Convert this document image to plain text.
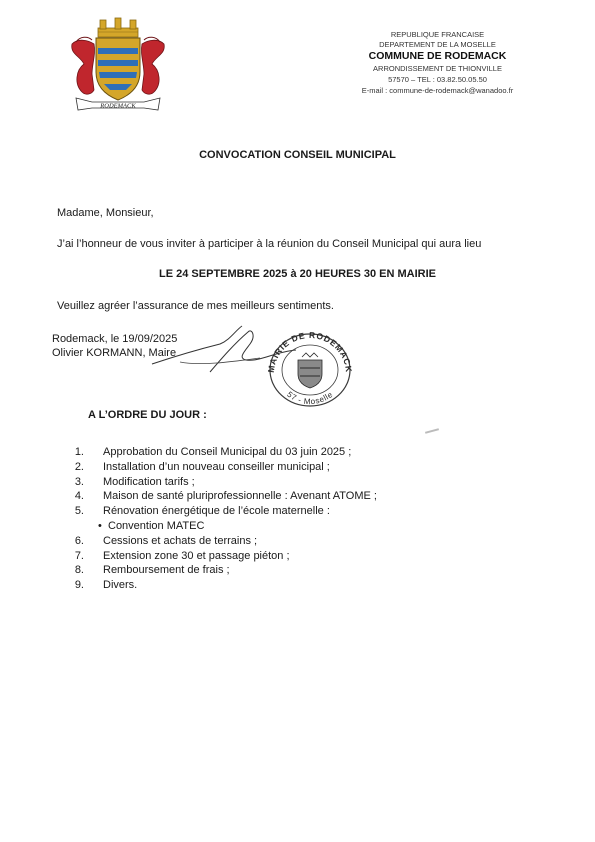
RODEMACK
REPUBLIQUE FRANCAISE
DEPARTEMENT DE LA MOSELLE
COMMUNE DE RODEMACK
ARRONDISSEMENT DE THIONVILLE
57570 – TEL : 03.82.50.05.50
E-mail : commune-de-rodemack@wanadoo.fr
CONVOCATION CONSEIL MUNICIPAL
Madame, Monsieur,
J’ai l’honneur de vous inviter à participer à la réunion du Conseil Municipal qui aura lieu
LE 24 SEPTEMBRE 2025 à 20 HEURES 30 EN MAIRIE
Veuillez agréer l’assurance de mes meilleurs sentiments.
Rodemack, le 19/09/2025
Olivier KORMANN, Maire
MAIRIE DE RODEMACK
57 - Moselle
A L’ORDRE DU JOUR :
1. Approbation du Conseil Municipal du 03 juin 2025 ;
2. Installation d’un nouveau conseiller municipal ;
3. Modification tarifs ;
4. Maison de santé pluriprofessionnelle : Avenant ATOME ;
5. Rénovation énergétique de l’école maternelle :
• Convention MATEC
6. Cessions et achats de terrains ;
7. Extension zone 30 et passage piéton ;
8. Remboursement de frais ;
9. Divers.
